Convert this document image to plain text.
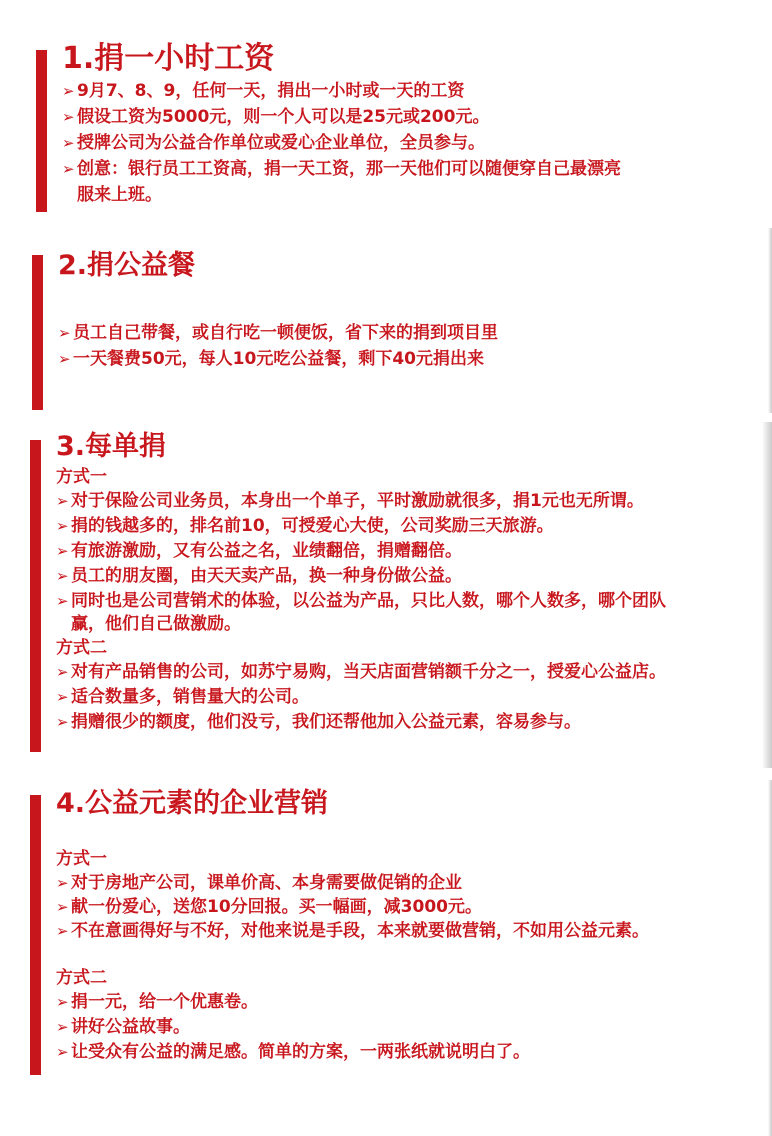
1.捐一小时工资

➢ 9月7、8、9，任何一天，捐出一小时或一天的工资

➢ 假设工资为5000元，则一个人可以是25元或200元。

➢ 授牌公司为公益合作单位或爱心企业单位，全员参与。

➢ 创意：银行员工工资高，捐一天工资，那一天他们可以随便穿自己最漂亮

服来上班。

2.捐公益餐

➢ 员工自己带餐，或自行吃一顿便饭，省下来的捐到项目里

➢ 一天餐费50元，每人10元吃公益餐，剩下40元捐出来

3.每单捐
方式一

➢ 对于保险公司业务员，本身出一个单子，平时激励就很多，捐1元也无所谓。

➢ 捐的钱越多的，排名前10，可授爱心大使，公司奖励三天旅游。

➢ 有旅游激励，又有公益之名，业绩翻倍，捐赠翻倍。

➢ 员工的朋友圈，由天天卖产品，换一种身份做公益。

➢ 同时也是公司营销术的体验，以公益为产品，只比人数，哪个人数多，哪个团队

赢，他们自己做激励。

方式二

➢ 对有产品销售的公司，如苏宁易购，当天店面营销额千分之一，授爱心公益店。

➢ 适合数量多，销售量大的公司。

➢ 捐赠很少的额度，他们没亏，我们还帮他加入公益元素，容易参与。

4.公益元素的企业营销
方式一

➢ 对于房地产公司，课单价高、本身需要做促销的企业

➢ 献一份爱心，送您10分回报。买一幅画，减3000元。

➢ 不在意画得好与不好，对他来说是手段，本来就要做营销，不如用公益元素。

方式二

➢ 捐一元，给一个优惠卷。

➢ 讲好公益故事。

➢ 让受众有公益的满足感。简单的方案，一两张纸就说明白了。
